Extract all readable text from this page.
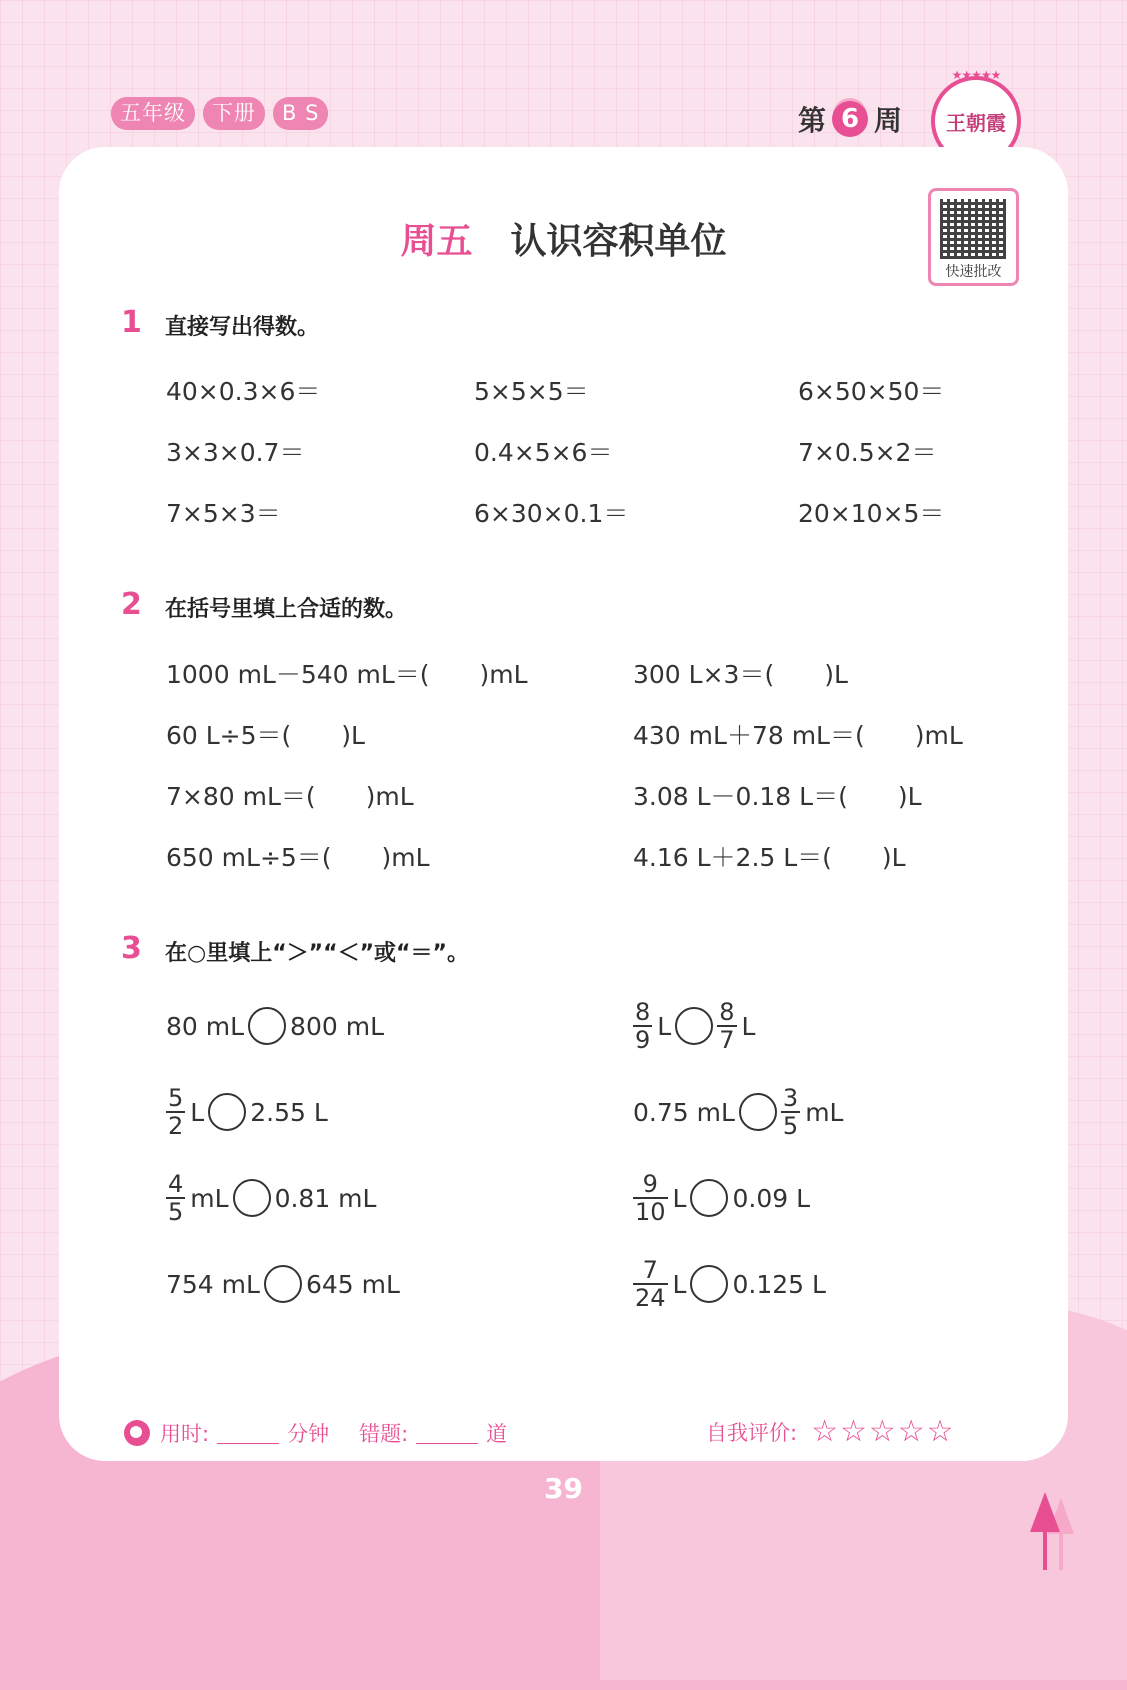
五年级	下册	B S	第 6 周
★★★★★
王朝霞
快速批改
周五 认识容积单位
1 直接写出得数。
40×0.3×6＝	5×5×5＝	6×50×50＝
3×3×0.7＝	0.4×5×6＝	7×0.5×2＝
7×5×3＝	6×30×0.1＝	20×10×5＝
2 在括号里填上合适的数。
1000 mL－540 mL＝(　　)mL	300 L×3＝(　　)L
60 L÷5＝(　　)L	430 mL＋78 mL＝(　　)mL
7×80 mL＝(　　)mL	3.08 L－0.18 L＝(　　)L
650 mL÷5＝(　　)mL	4.16 L＋2.5 L＝(　　)L
3 在○里填上“＞”“＜”或“＝”。
80 mL 800 mL	$\frac{8}{9}$ L $\frac{8}{7}$ L
$\frac{5}{2}$ L 2.55 L	0.75 mL $\frac{3}{5}$ mL
$\frac{4}{5}$ mL 0.81 mL	$\frac{9}{10}$ L 0.09 L
754 mL 645 mL	$\frac{7}{24}$ L 0.125 L
用时:	分钟 错题:	道	自我评价: ☆☆☆☆☆
39
